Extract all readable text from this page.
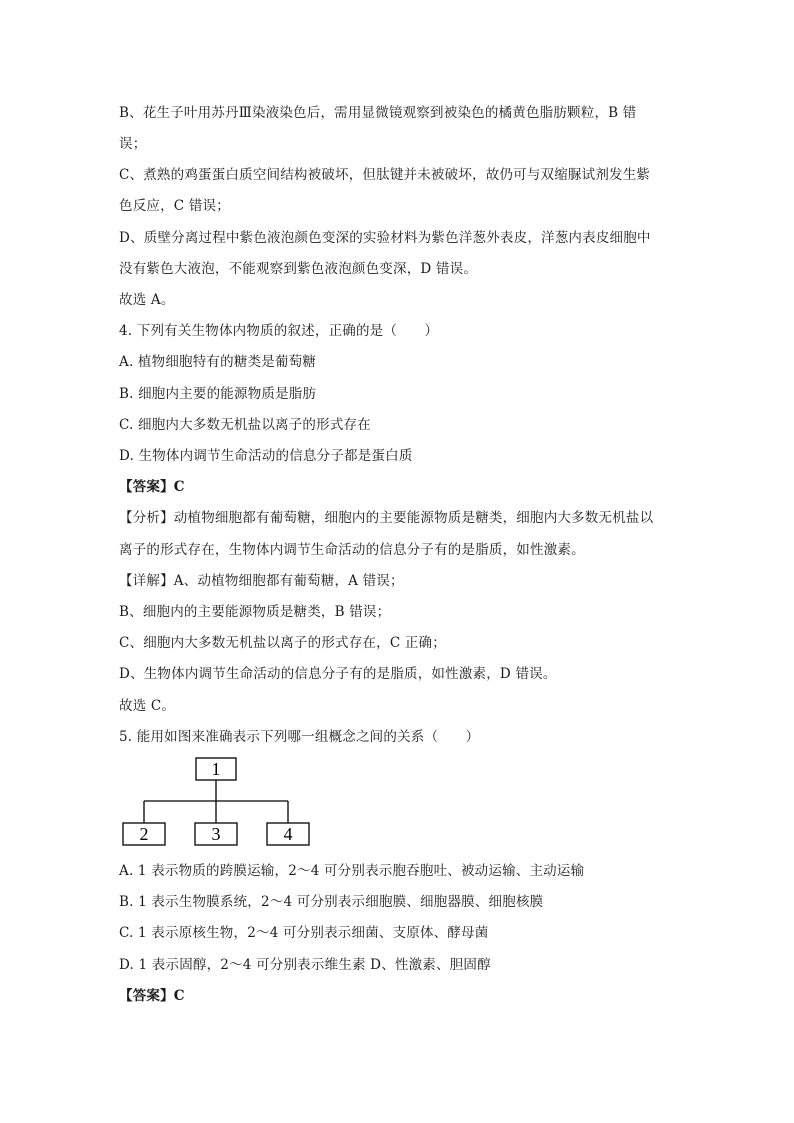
B、花生子叶用苏丹Ⅲ染液染色后，需用显微镜观察到被染色的橘黄色脂肪颗粒，B 错
误；
C、煮熟的鸡蛋蛋白质空间结构被破坏，但肽键并未被破坏，故仍可与双缩脲试剂发生紫
色反应，C 错误；
D、质壁分离过程中紫色液泡颜色变深的实验材料为紫色洋葱外表皮，洋葱内表皮细胞中
没有紫色大液泡，不能观察到紫色液泡颜色变深，D 错误。
故选 A。
4. 下列有关生物体内物质的叙述，正确的是（　　）
A. 植物细胞特有的糖类是葡萄糖
B. 细胞内主要的能源物质是脂肪
C. 细胞内大多数无机盐以离子的形式存在
D. 生物体内调节生命活动的信息分子都是蛋白质
【答案】C
【分析】动植物细胞都有葡萄糖，细胞内的主要能源物质是糖类，细胞内大多数无机盐以
离子的形式存在，生物体内调节生命活动的信息分子有的是脂质，如性激素。
【详解】A、动植物细胞都有葡萄糖，A 错误；
B、细胞内的主要能源物质是糖类，B 错误；
C、细胞内大多数无机盐以离子的形式存在，C 正确；
D、生物体内调节生命活动的信息分子有的是脂质，如性激素，D 错误。
故选 C。
5. 能用如图来准确表示下列哪一组概念之间的关系（　　）
1
2	3	4
A. 1 表示物质的跨膜运输，2～4 可分别表示胞吞胞吐、被动运输、主动运输
B. 1 表示生物膜系统，2～4 可分别表示细胞膜、细胞器膜、细胞核膜
C. 1 表示原核生物，2～4 可分别表示细菌、支原体、酵母菌
D. 1 表示固醇，2～4 可分别表示维生素 D、性激素、胆固醇
【答案】C
